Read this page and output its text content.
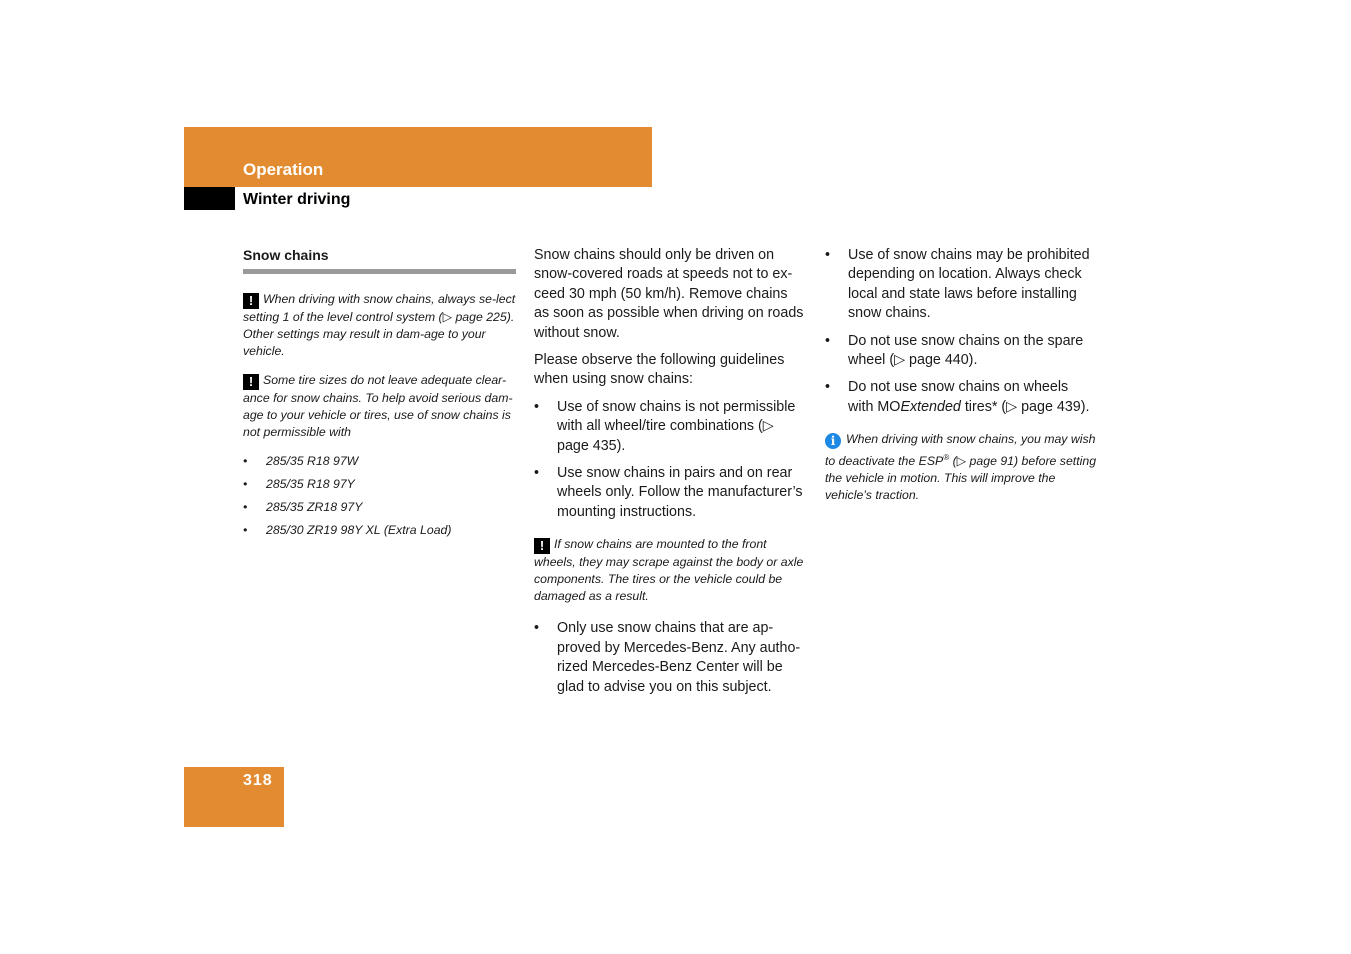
Operation
Winter driving
Snow chains
! When driving with snow chains, always se-lect setting 1 of the level control system (▷ page 225). Other settings may result in dam-age to your vehicle.
! Some tire sizes do not leave adequate clear-ance for snow chains. To help avoid serious dam-age to your vehicle or tires, use of snow chains is not permissible with
• 285/35 R18 97W
• 285/35 R18 97Y
• 285/35 ZR18 97Y
• 285/30 ZR19 98Y XL (Extra Load)

Snow chains should only be driven on snow-covered roads at speeds not to ex-ceed 30 mph (50 km/h). Remove chains as soon as possible when driving on roads without snow.

Please observe the following guidelines when using snow chains:

• Use of snow chains is not permissible with all wheel/tire combinations (▷ page 435).
• Use snow chains in pairs and on rear wheels only. Follow the manufacturer’s mounting instructions.
! If snow chains are mounted to the front wheels, they may scrape against the body or axle components. The tires or the vehicle could be damaged as a result.
• Only use snow chains that are ap-proved by Mercedes-Benz. Any autho-rized Mercedes-Benz Center will be glad to advise you on this subject.
• Use of snow chains may be prohibited depending on location. Always check local and state laws before installing snow chains.
• Do not use snow chains on the spare wheel (▷ page 440).
• Do not use snow chains on wheels with MOExtended tires* (▷ page 439).
i When driving with snow chains, you may wish to deactivate the ESP® (▷ page 91) before setting the vehicle in motion. This will improve the vehicle’s traction.
318
